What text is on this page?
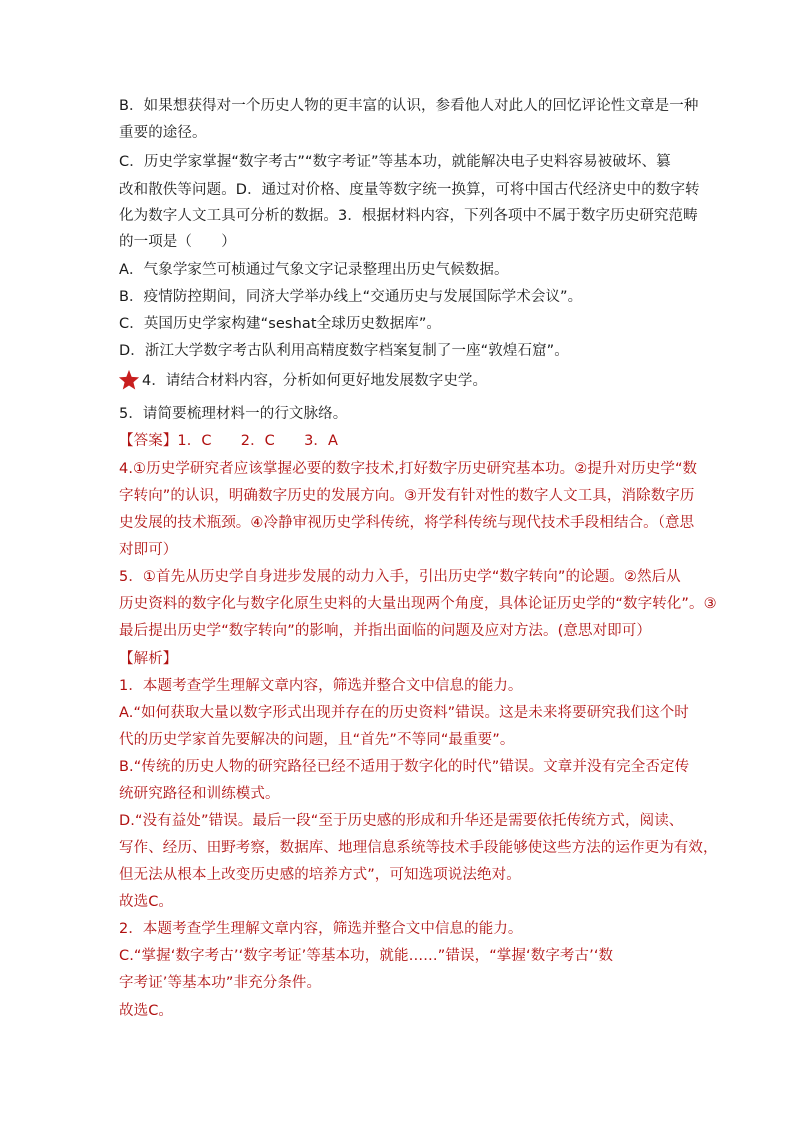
B．如果想获得对一个历史人物的更丰富的认识，参看他人对此人的回忆评论性文章是一种
重要的途径。
C．历史学家掌握“数字考古”“数字考证”等基本功，就能解决电子史料容易被破坏、篡
改和散佚等问题。D．通过对价格、度量等数字统一换算，可将中国古代经济史中的数字转
化为数字人文工具可分析的数据。3．根据材料内容，下列各项中不属于数字历史研究范畴
的一项是（　　）
A．气象学家竺可桢通过气象文字记录整理出历史气候数据。
B．疫情防控期间，同济大学举办线上“交通历史与发展国际学术会议”。
C．英国历史学家构建“seshat全球历史数据库”。
D．浙江大学数字考古队利用高精度数字档案复制了一座“敦煌石窟”。
4．请结合材料内容，分析如何更好地发展数字史学。
5．请简要梳理材料一的行文脉络。
【答案】1．C　　2．C　　3．A
4.①历史学研究者应该掌握必要的数字技术,打好数字历史研究基本功。②提升对历史学“数
字转向”的认识，明确数字历史的发展方向。③开发有针对性的数字人文工具，消除数字历
史发展的技术瓶颈。④冷静审视历史学科传统，将学科传统与现代技术手段相结合。（意思
对即可）
5．①首先从历史学自身进步发展的动力入手，引出历史学“数字转向”的论题。②然后从
历史资料的数字化与数字化原生史料的大量出现两个角度，具体论证历史学的“数字转化”。③
最后提出历史学“数字转向”的影响，并指出面临的问题及应对方法。(意思对即可）
【解析】
1．本题考查学生理解文章内容，筛选并整合文中信息的能力。
A.“如何获取大量以数字形式出现并存在的历史资料”错误。这是未来将要研究我们这个时
代的历史学家首先要解决的问题，且“首先”不等同“最重要”。
B.“传统的历史人物的研究路径已经不适用于数字化的时代”错误。文章并没有完全否定传
统研究路径和训练模式。
D.“没有益处”错误。最后一段“至于历史感的形成和升华还是需要依托传统方式，阅读、
写作、经历、田野考察，数据库、地理信息系统等技术手段能够使这些方法的运作更为有效，
但无法从根本上改变历史感的培养方式”，可知选项说法绝对。
故选C。
2．本题考查学生理解文章内容，筛选并整合文中信息的能力。
C.“掌握‘数字考古’‘数字考证’等基本功，就能……”错误，“掌握‘数字考古’‘数
字考证’等基本功”非充分条件。
故选C。
